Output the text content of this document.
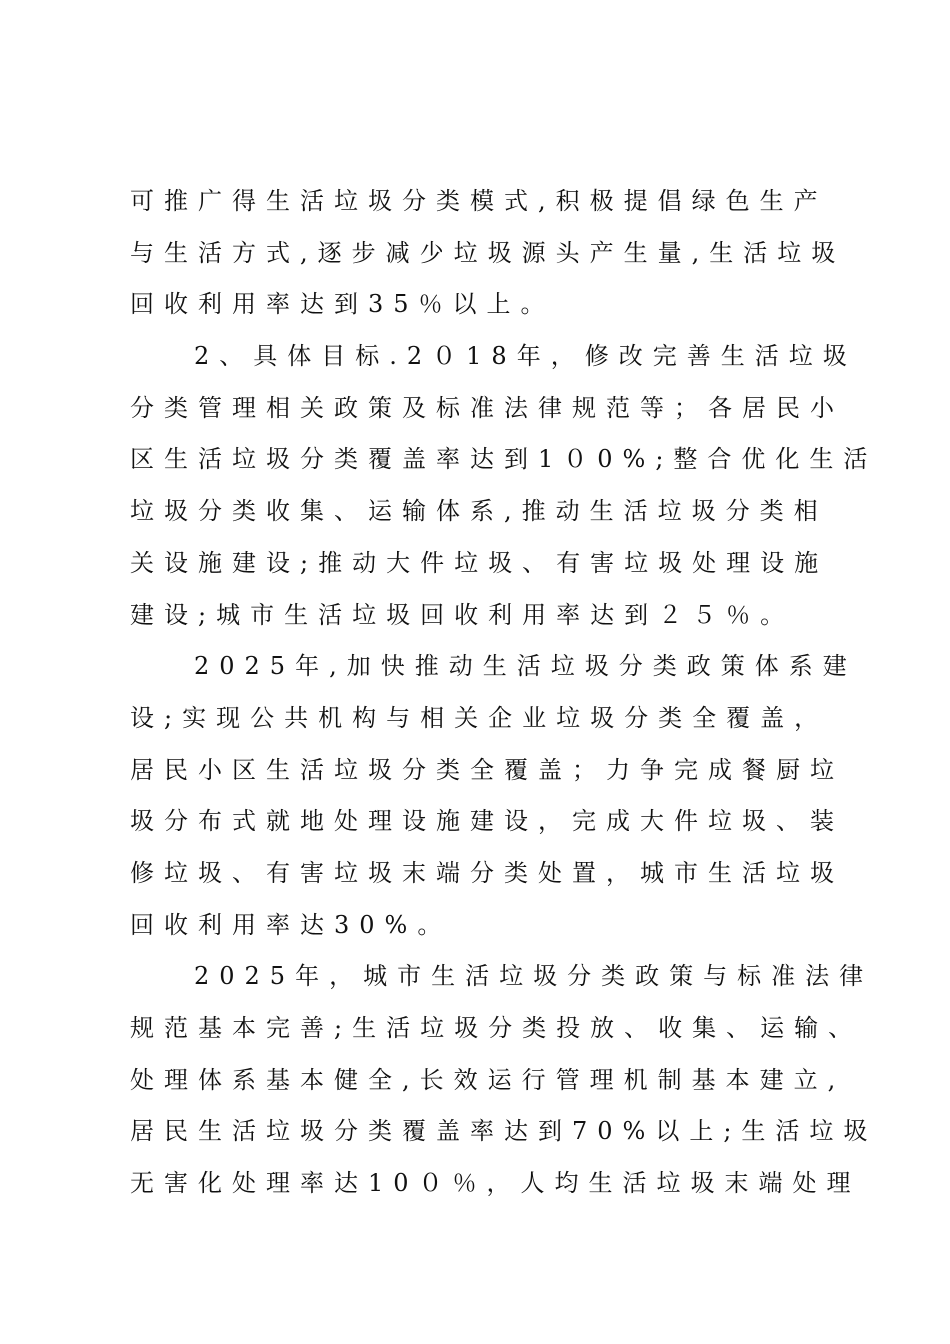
可推广得生活垃圾分类模式,积极提倡绿色生产
与生活方式,逐步减少垃圾源头产生量,生活垃圾
回收利用率达到35％以上。
2、具体目标.2０18年，修改完善生活垃圾
分类管理相关政策及标准法律规范等；各居民小
区生活垃圾分类覆盖率达到1０0%;整合优化生活
垃圾分类收集、运输体系,推动生活垃圾分类相
关设施建设;推动大件垃圾、有害垃圾处理设施
建设;城市生活垃圾回收利用率达到２５％。
2025年,加快推动生活垃圾分类政策体系建
设;实现公共机构与相关企业垃圾分类全覆盖，
居民小区生活垃圾分类全覆盖；力争完成餐厨垃
圾分布式就地处理设施建设，完成大件垃圾、装
修垃圾、有害垃圾末端分类处置，城市生活垃圾
回收利用率达30%。
2025年，城市生活垃圾分类政策与标准法律
规范基本完善;生活垃圾分类投放、收集、运输、
处理体系基本健全,长效运行管理机制基本建立,
居民生活垃圾分类覆盖率达到70%以上;生活垃圾
无害化处理率达10０％，人均生活垃圾末端处理
